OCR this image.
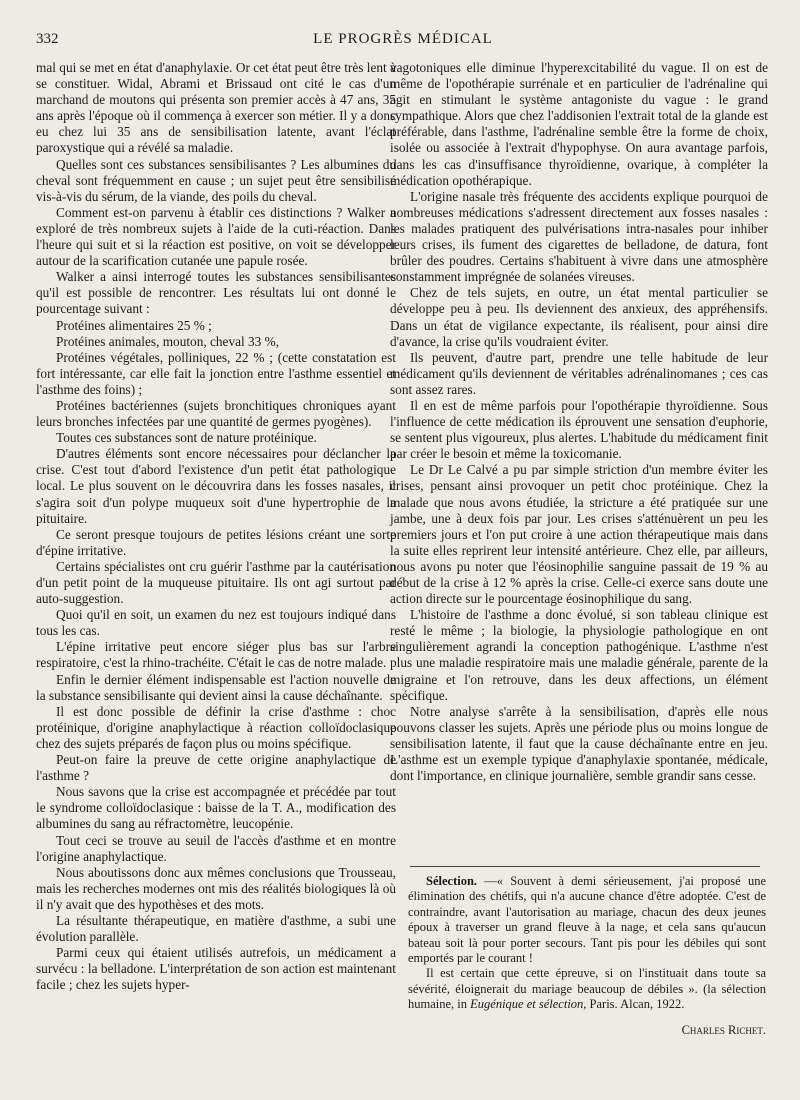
332	LE PROGRÈS MÉDICAL

mal qui se met en état d'anaphylaxie. Or cet état peut être très lent à se constituer. Widal, Abrami et Brissaud ont cité le cas d'un marchand de moutons qui présenta son premier accès à 47 ans, 35 ans après l'époque où il commença à exercer son métier. Il y a donc eu chez lui 35 ans de sensibilisation latente, avant l'éclat paroxystique qui a révélé sa maladie.

Quelles sont ces substances sensibilisantes ? Les albumines du cheval sont fréquemment en cause ; un sujet peut être sensibilisé vis-à-vis du sérum, de la viande, des poils du cheval.

Comment est-on parvenu à établir ces distinctions ? Walker a exploré de très nombreux sujets à l'aide de la cuti-réaction. Dans l'heure qui suit et si la réaction est positive, on voit se développer autour de la scarification cutanée une papule rosée.

Walker a ainsi interrogé toutes les substances sensibilisantes qu'il est possible de rencontrer. Les résultats lui ont donné le pourcentage suivant :

Protéines alimentaires 25 % ;

Protéines animales, mouton, cheval 33 %,

Protéines végétales, polliniques, 22 % ; (cette constatation est fort intéressante, car elle fait la jonction entre l'asthme essentiel et l'asthme des foins) ;

Protéines bactériennes (sujets bronchitiques chroniques ayant leurs bronches infectées par une quantité de germes pyogènes).

Toutes ces substances sont de nature protéinique.

D'autres éléments sont encore nécessaires pour déclancher la crise. C'est tout d'abord l'existence d'un petit état pathologique local. Le plus souvent on le découvrira dans les fosses nasales, il s'agira soit d'un polype muqueux soit d'une hypertrophie de la pituitaire.

Ce seront presque toujours de petites lésions créant une sorte d'épine irritative.

Certains spécialistes ont cru guérir l'asthme par la cautérisation d'un petit point de la muqueuse pituitaire. Ils ont agi surtout par auto-suggestion.

Quoi qu'il en soit, un examen du nez est toujours indiqué dans tous les cas.

L'épine irritative peut encore siéger plus bas sur l'arbre respiratoire, c'est la rhino-trachéite. C'était le cas de notre malade.

Enfin le dernier élément indispensable est l'action nouvelle de la substance sensibilisante qui devient ainsi la cause déchaînante.

Il est donc possible de définir la crise d'asthme : choc protéinique, d'origine anaphylactique à réaction colloïdoclasique chez des sujets préparés de façon plus ou moins spécifique.

Peut-on faire la preuve de cette origine anaphylactique de l'asthme ?

Nous savons que la crise est accompagnée et précédée par tout le syndrome colloïdoclasique : baisse de la T. A., modification des albumines du sang au réfractomètre, leucopénie.

Tout ceci se trouve au seuil de l'accès d'asthme et en montre l'origine anaphylactique.

Nous aboutissons donc aux mêmes conclusions que Trousseau, mais les recherches modernes ont mis des réalités biologiques là où il n'y avait que des hypothèses et des mots.

La résultante thérapeutique, en matière d'asthme, a subi une évolution parallèle.

Parmi ceux qui étaient utilisés autrefois, un médicament a survécu : la belladone. L'interprétation de son action est maintenant facile ; chez les sujets hyper-

vagotoniques elle diminue l'hyperexcitabilité du vague. Il on est de même de l'opothérapie surrénale et en particulier de l'adrénaline qui agit en stimulant le système antagoniste du vague : le grand sympathique. Alors que chez l'addisonien l'extrait total de la glande est préférable, dans l'asthme, l'adrénaline semble être la forme de choix, isolée ou associée à l'extrait d'hypophyse. On aura avantage parfois, dans les cas d'insuffisance thyroïdienne, ovarique, à compléter la médication opothérapique.

L'origine nasale très fréquente des accidents explique pourquoi de nombreuses médications s'adressent directement aux fosses nasales : les malades pratiquent des pulvérisations intra-nasales pour inhiber leurs crises, ils fument des cigarettes de belladone, de datura, font brûler des poudres. Certains s'habituent à vivre dans une atmosphère constamment imprégnée de solanées vireuses.

Chez de tels sujets, en outre, un état mental particulier se développe peu à peu. Ils deviennent des anxieux, des appréhensifs. Dans un état de vigilance expectante, ils réalisent, pour ainsi dire d'avance, la crise qu'ils voudraient éviter.

Ils peuvent, d'autre part, prendre une telle habitude de leur médicament qu'ils deviennent de véritables adrénalinomanes ; ces cas sont assez rares.

Il en est de même parfois pour l'opothérapie thyroïdienne. Sous l'influence de cette médication ils éprouvent une sensation d'euphorie, se sentent plus vigoureux, plus alertes. L'habitude du médicament finit par créer le besoin et même la toxicomanie.

Le Dr Le Calvé a pu par simple striction d'un membre éviter les crises, pensant ainsi provoquer un petit choc protéinique. Chez la malade que nous avons étudiée, la stricture a été pratiquée sur une jambe, une à deux fois par jour. Les crises s'atténuèrent un peu les premiers jours et l'on put croire à une action thérapeutique mais dans la suite elles reprirent leur intensité antérieure. Chez elle, par ailleurs, nous avons pu noter que l'éosinophilie sanguine passait de 19 % au début de la crise à 12 % après la crise. Celle-ci exerce sans doute une action directe sur le pourcentage éosinophilique du sang.

L'histoire de l'asthme a donc évolué, si son tableau clinique est resté le même ; la biologie, la physiologie pathologique en ont singulièrement agrandi la conception pathogénique. L'asthme n'est plus une maladie respiratoire mais une maladie générale, parente de la migraine et l'on retrouve, dans les deux affections, un élément spécifique.

Notre analyse s'arrête à la sensibilisation, d'après elle nous pouvons classer les sujets. Après une période plus ou moins longue de sensibilisation latente, il faut que la cause déchaînante entre en jeu. L'asthme est un exemple typique d'anaphylaxie spontanée, médicale, dont l'importance, en clinique journalière, semble grandir sans cesse.

Sélection. —« Souvent à demi sérieusement, j'ai proposé une élimination des chétifs, qui n'a aucune chance d'être adoptée. C'est de contraindre, avant l'autorisation au mariage, chacun des deux jeunes époux à traverser un grand fleuve à la nage, et cela sans qu'aucun bateau soit là pour porter secours. Tant pis pour les débiles qui sont emportés par le courant !

Il est certain que cette épreuve, si on l'instituait dans toute sa sévérité, éloignerait du mariage beaucoup de débiles ». (la sélection humaine, in Eugénique et sélection, Paris. Alcan, 1922.

Charles Richet.
